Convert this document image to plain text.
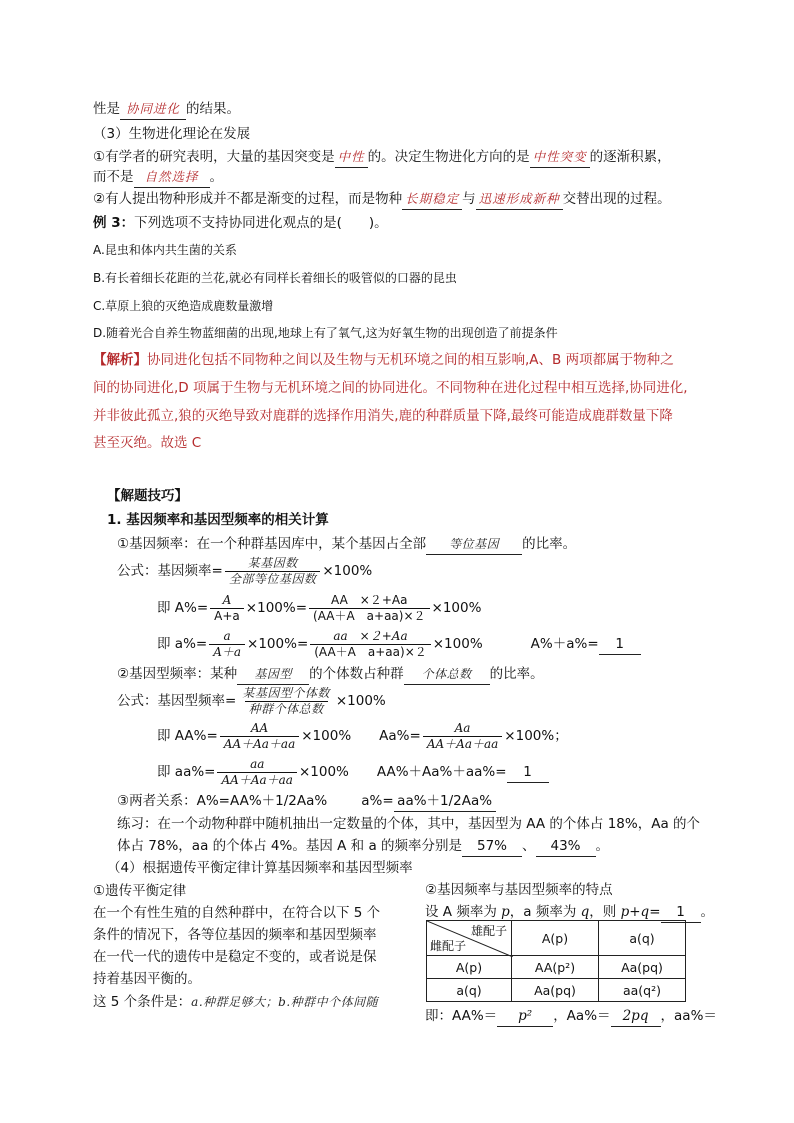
性是 协同进化 的结果。
（3）生物进化理论在发展
①有学者的研究表明，大量的基因突变是 中性 的。决定生物进化方向的是 中性突变 的逐渐积累，
而不是 自然选择 。
②有人提出物种形成并不都是渐变的过程，而是物种 长期稳定 与 迅速形成新种 交替出现的过程。
例 3：下列选项不支持协同进化观点的是(　　)。
A.昆虫和体内共生菌的关系
B.有长着细长花距的兰花,就必有同样长着细长的吸管似的口器的昆虫
C.草原上狼的灭绝造成鹿数量激增
D.随着光合自养生物蓝细菌的出现,地球上有了氧气,这为好氧生物的出现创造了前提条件
【解析】协同进化包括不同物种之间以及生物与无机环境之间的相互影响,A、B 两项都属于物种之
间的协同进化,D 项属于生物与无机环境之间的协同进化。不同物种在进化过程中相互选择,协同进化,
并非彼此孤立,狼的灭绝导致对鹿群的选择作用消失,鹿的种群质量下降,最终可能造成鹿群数量下降
甚至灭绝。故选 C
【解题技巧】
1. 基因频率和基因型频率的相关计算
①基因频率：在一个种群基因库中，某个基因占全部 等位基因 的比率。
公式：基因频率= $\frac{\text{某基因数}}{\text{全部等位基因数}} \times 100\%$
即 $A\%= \frac{A}{A+a} \times 100\%= \frac{AA \times 2+Aa}{\text{(AA＋A　a+aa)×２}} \times 100\%$
即 $a\%= \frac{a}{A+a} \times 100\%= \frac{aa \times 2+Aa}{\text{(AA＋A　a+aa)×２}} \times 100\%$	A%＋a%=	1
②基因型频率：某种 基因型 的个体数占种群 个体总数 的比率。
公式：基因型频率= $\frac{\text{某基因型个体数}}{\text{种群个体总数}} \times 100\%$
即 $AA\%= \frac{AA}{AA+Aa+aa} \times 100\%$ $Aa\%= \frac{Aa}{AA+Aa+aa} \times 100\%$；
即 $aa\%= \frac{aa}{AA+Aa+aa} \times 100\%$ AA%＋Aa%＋aa%=	1
③两者关系：A%=AA%＋1/2Aa%	a%= aa%＋1/2Aa%
练习：在一个动物种群中随机抽出一定数量的个体，其中，基因型为 AA 的个体占 18%，Aa 的个
体占 78%，aa 的个体占 4%。基因 A 和 a 的频率分别是 57% 、 43% 。
（4）根据遗传平衡定律计算基因频率和基因型频率
①遗传平衡定律
在一个有性生殖的自然种群中，在符合以下 5 个
条件的情况下，各等位基因的频率和基因型频率
在一代一代的遗传中是稳定不变的，或者说是保
持着基因平衡的。
这 5 个条件是：a.种群足够大；b.种群中个体间随
②基因频率与基因型频率的特点
设 A 频率为 p，a 频率为 q，则 p+q= 1 。
雄配子
雌配子	A(p)	a(q)
A(p)	AA(p²)	Aa(pq)
a(q)	Aa(pq)	aa(q²)
即：AA%＝ p² ，Aa%＝ 2pq ，aa%＝
